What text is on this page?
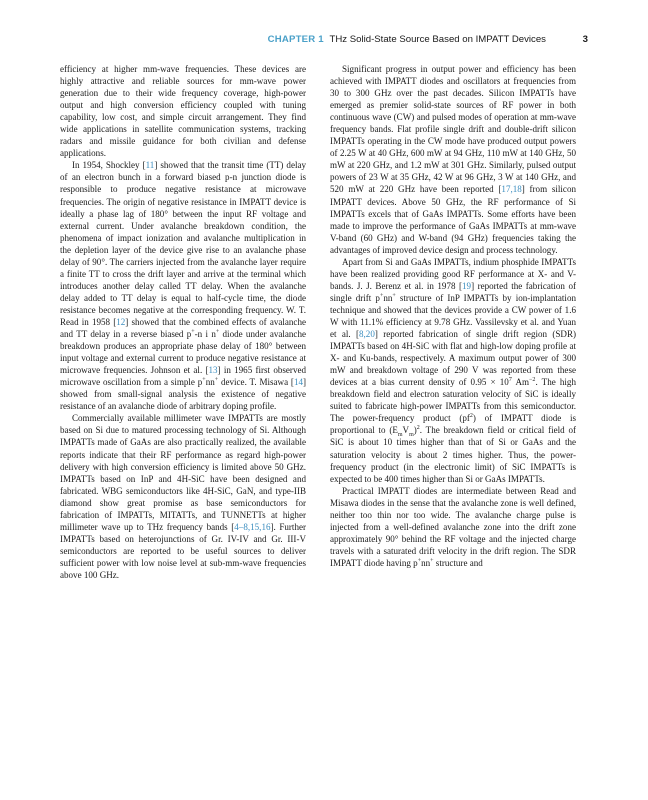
CHAPTER 1 THz Solid-State Source Based on IMPATT Devices	3

efficiency at higher mm-wave frequencies. These devices are highly attractive and reliable sources for mm-wave power generation due to their wide frequency coverage, high-power output and high conversion efficiency coupled with tuning capability, low cost, and simple circuit arrangement. They find wide applications in satellite communication systems, tracking radars and missile guidance for both civilian and defense applications.

In 1954, Shockley [11] showed that the transit time (TT) delay of an electron bunch in a forward biased p-n junction diode is responsible to produce negative resistance at microwave frequencies. The origin of negative resistance in IMPATT device is ideally a phase lag of 180° between the input RF voltage and external current. Under avalanche breakdown condition, the phenomena of impact ionization and avalanche multiplication in the depletion layer of the device give rise to an avalanche phase delay of 90°. The carriers injected from the avalanche layer require a finite TT to cross the drift layer and arrive at the terminal which introduces another delay called TT delay. When the avalanche delay added to TT delay is equal to half-cycle time, the diode resistance becomes negative at the corresponding frequency. W. T. Read in 1958 [12] showed that the combined effects of avalanche and TT delay in a reverse biased p+-n i n+ diode under avalanche breakdown produces an appropriate phase delay of 180° between input voltage and external current to produce negative resistance at microwave frequencies. Johnson et al. [13] in 1965 first observed microwave oscillation from a simple p+nn+ device. T. Misawa [14] showed from small-signal analysis the existence of negative resistance of an avalanche diode of arbitrary doping profile.

Commercially available millimeter wave IMPATTs are mostly based on Si due to matured processing technology of Si. Although IMPATTs made of GaAs are also practically realized, the available reports indicate that their RF performance as regard high-power delivery with high conversion efficiency is limited above 50 GHz. IMPATTs based on InP and 4H-SiC have been designed and fabricated. WBG semiconductors like 4H-SiC, GaN, and type-IIB diamond show great promise as base semiconductors for fabrication of IMPATTs, MITATTs, and TUNNETTs at higher millimeter wave up to THz frequency bands [4–8,15,16]. Further IMPATTs based on heterojunctions of Gr. IV-IV and Gr. III-V semiconductors are reported to be useful sources to deliver sufficient power with low noise level at sub-mm-wave frequencies above 100 GHz.

Significant progress in output power and efficiency has been achieved with IMPATT diodes and oscillators at frequencies from 30 to 300 GHz over the past decades. Silicon IMPATTs have emerged as premier solid-state sources of RF power in both continuous wave (CW) and pulsed modes of operation at mm-wave frequency bands. Flat profile single drift and double-drift silicon IMPATTs operating in the CW mode have produced output powers of 2.25 W at 40 GHz, 600 mW at 94 GHz, 110 mW at 140 GHz, 50 mW at 220 GHz, and 1.2 mW at 301 GHz. Similarly, pulsed output powers of 23 W at 35 GHz, 42 W at 96 GHz, 3 W at 140 GHz, and 520 mW at 220 GHz have been reported [17,18] from silicon IMPATT devices. Above 50 GHz, the RF performance of Si IMPATTs excels that of GaAs IMPATTs. Some efforts have been made to improve the performance of GaAs IMPATTs at mm-wave V-band (60 GHz) and W-band (94 GHz) frequencies taking the advantages of improved device design and process technology.

Apart from Si and GaAs IMPATTs, indium phosphide IMPATTs have been realized providing good RF performance at X- and V-bands. J. J. Berenz et al. in 1978 [19] reported the fabrication of single drift p+nn+ structure of InP IMPATTs by ion-implantation technique and showed that the devices provide a CW power of 1.6 W with 11.1% efficiency at 9.78 GHz. Vassilevsky et al. and Yuan et al. [8,20] reported fabrication of single drift region (SDR) IMPATTs based on 4H-SiC with flat and high-low doping profile at X- and Ku-bands, respectively. A maximum output power of 300 mW and breakdown voltage of 290 V was reported from these devices at a bias current density of $0.95 \times 10^7$ $Am^{-2}$. The high breakdown field and electron saturation velocity of SiC is ideally suited to fabricate high-power IMPATTs from this semiconductor. The power-frequency product $(pf^2)$ of IMPATT diode is proportional to $(E_mV_m)^2$. The breakdown field or critical field of SiC is about 10 times higher than that of Si or GaAs and the saturation velocity is about 2 times higher. Thus, the power-frequency product (in the electronic limit) of SiC IMPATTs is expected to be 400 times higher than Si or GaAs IMPATTs.

Practical IMPATT diodes are intermediate between Read and Misawa diodes in the sense that the avalanche zone is well defined, neither too thin nor too wide. The avalanche charge pulse is injected from a well-defined avalanche zone into the drift zone approximately 90° behind the RF voltage and the injected charge travels with a saturated drift velocity in the drift region. The SDR IMPATT diode having p+nn+ structure and
